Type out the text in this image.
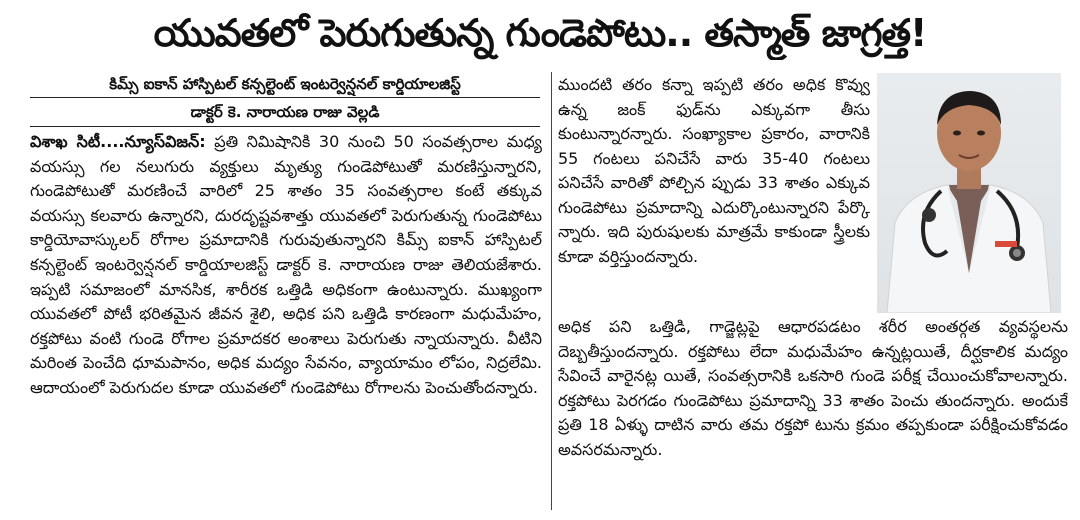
యువతలో పెరుగుతున్న గుండెపోటు.. తస్మాత్ జాగ్రత్త!
కిమ్స్ ఐకాన్ హాస్పిటల్ కన్సల్టెంట్ ఇంటర్వెన్షనల్ కార్డియాలజిస్ట్
డాక్టర్ కె. నారాయణ రాజు వెల్లడి
విశాఖ సిటీ....న్యూస్‌విజన్: ప్రతి నిమిషానికి 30 నుంచి 50 సంవత్సరాల మధ్య వయస్సు గల నలుగురు వ్యక్తులు మృత్యు గుండెపోటుతో మరణిస్తున్నారని, గుండెపోటుతో మరణించే వారిలో 25 శాతం 35 సంవత్సరాల కంటే తక్కువ వయస్సు కలవారు ఉన్నారని, దురదృష్టవశాత్తు యువతలో పెరుగుతున్న గుండెపోటు కార్డియోవాస్కులర్ రోగాల ప్రమాదానికి గురువుతున్నారని కిమ్స్ ఐకాన్ హాస్పిటల్ కన్సల్టెంట్ ఇంటర్వెన్షనల్ కార్డియాలజిస్ట్ డాక్టర్ కె. నారాయణ రాజు తెలియజేశారు. ఇప్పటి సమాజంలో మానసిక, శారీరక ఒత్తిడి అధికంగా ఉంటున్నారు. ముఖ్యంగా యువతలో పోటీ భరితమైన జీవన శైలి, అధిక పని ఒత్తిడి కారణంగా మధుమేహం, రక్తపోటు వంటి గుండె రోగాల ప్రమాదకర అంశాలు పెరుగుతు న్నాయన్నారు. వీటిని మరింత పెంచేది ధూమపానం, అధిక మద్యం సేవనం, వ్యాయామం లోపం, నిద్రలేమి. ఆదాయంలో పెరుగుదల కూడా యువతలో గుండెపోటు రోగాలను పెంచుతోందన్నారు.
ముందటి తరం కన్నా ఇప్పటి తరం అధిక కొవ్వు ఉన్న జంక్ ఫుడ్‌ను ఎక్కువగా తీసు కుంటున్నారన్నారు. సంఖ్యాకాల ప్రకారం, వారానికి 55 గంటలు పనిచేసే వారు 35-40 గంటలు పనిచేసే వారితో పోల్చిన ప్పుడు 33 శాతం ఎక్కువ గుండెపోటు ప్రమాదాన్ని ఎదుర్కొంటున్నారని పేర్కొ న్నారు. ఇది పురుషులకు మాత్రమే కాకుండా స్త్రీలకు కూడా వర్తిస్తుందన్నారు.
అధిక పని ఒత్తిడి, గాడ్జెట్లపై ఆధారపడటం శరీర అంతర్గత వ్యవస్థలను దెబ్బతీస్తుందన్నారు. రక్తపోటు లేదా మధుమేహం ఉన్నట్లయితే, దీర్ఘకాలిక మద్యం సేవించే వారైనట్ల యితే, సంవత్సరానికి ఒకసారి గుండె పరీక్ష చేయించుకోవాలన్నారు. రక్తపోటు పెరగడం గుండెపోటు ప్రమాదాన్ని 33 శాతం పెంచు తుందన్నారు. అందుకే ప్రతి 18 ఏళ్ళు దాటిన వారు తమ రక్తపో టును క్రమం తప్పకుండా పరీక్షించుకోవడం అవసరమన్నారు.
